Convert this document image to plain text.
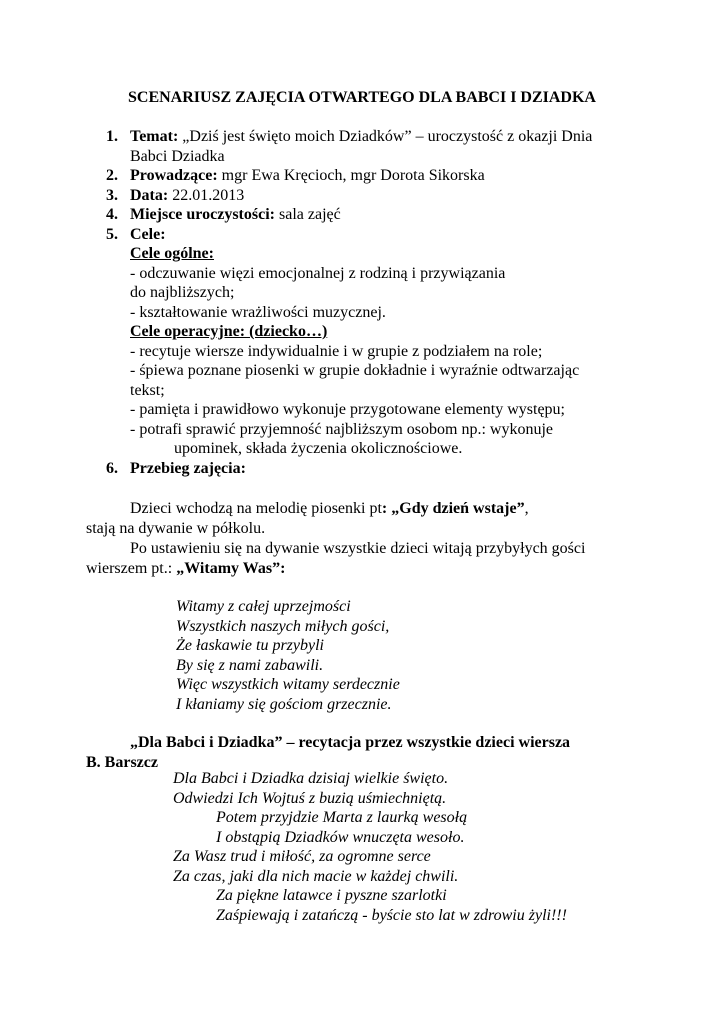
SCENARIUSZ ZAJĘCIA OTWARTEGO DLA BABCI I DZIADKA
1. Temat: „Dziś jest święto moich Dziadków” – uroczystość z okazji Dnia
Babci Dziadka
2. Prowadzące: mgr Ewa Kręcioch, mgr Dorota Sikorska
3. Data: 22.01.2013
4. Miejsce uroczystości: sala zajęć
5. Cele:
Cele ogólne:
- odczuwanie więzi emocjonalnej z rodziną i przywiązania
do najbliższych;
- kształtowanie wrażliwości muzycznej.
Cele operacyjne: (dziecko…)
- recytuje wiersze indywidualnie i w grupie z podziałem na role;
- śpiewa poznane piosenki w grupie dokładnie i wyraźnie odtwarzając
tekst;
- pamięta i prawidłowo wykonuje przygotowane elementy występu;
- potrafi sprawić przyjemność najbliższym osobom np.: wykonuje
upominek, składa życzenia okolicznościowe.
6. Przebieg zajęcia:
Dzieci wchodzą na melodię piosenki pt: „Gdy dzień wstaje”,
stają na dywanie w półkolu.
Po ustawieniu się na dywanie wszystkie dzieci witają przybyłych gości
wierszem pt.: „Witamy Was”:
Witamy z całej uprzejmości
Wszystkich naszych miłych gości,
Że łaskawie tu przybyli
By się z nami zabawili.
Więc wszystkich witamy serdecznie
I kłaniamy się gościom grzecznie.
„Dla Babci i Dziadka” – recytacja przez wszystkie dzieci wiersza
B. Barszcz
Dla Babci i Dziadka dzisiaj wielkie święto.
Odwiedzi Ich Wojtuś z buzią uśmiechniętą.
Potem przyjdzie Marta z laurką wesołą
I obstąpią Dziadków wnuczęta wesoło.
Za Wasz trud i miłość, za ogromne serce
Za czas, jaki dla nich macie w każdej chwili.
Za piękne latawce i pyszne szarlotki
Zaśpiewają i zatańczą - byście sto lat w zdrowiu żyli!!!
